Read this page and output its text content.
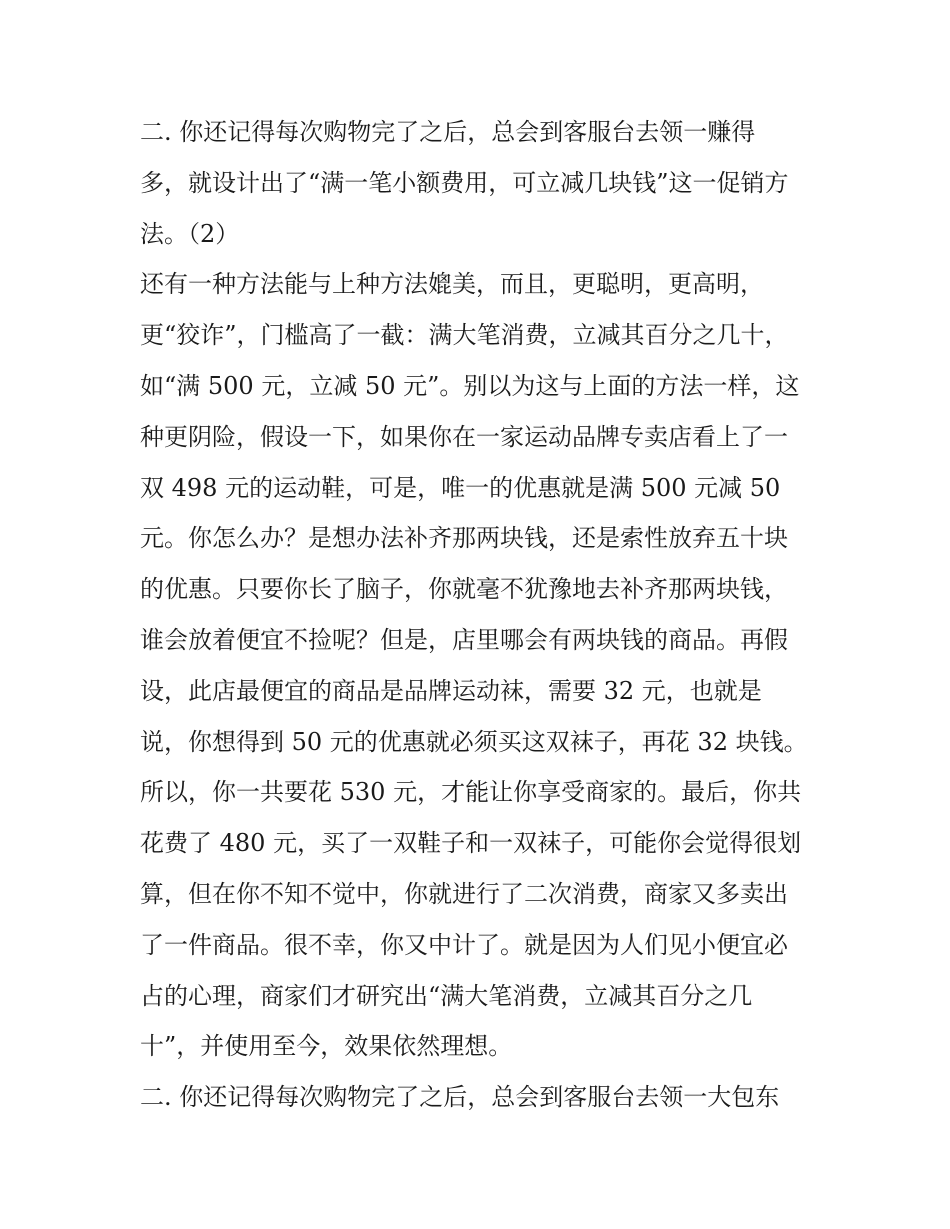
二. 你还记得每次购物完了之后，总会到客服台去领一赚得
多，就设计出了“满一笔小额费用，可立减几块钱”这一促销方
法。（2）
还有一种方法能与上种方法媲美，而且，更聪明，更高明，
更“狡诈”，门槛高了一截：满大笔消费，立减其百分之几十，
如“满 500 元，立减 50 元”。别以为这与上面的方法一样，这
种更阴险，假设一下，如果你在一家运动品牌专卖店看上了一
双 498 元的运动鞋，可是，唯一的优惠就是满 500 元减 50
元。你怎么办？是想办法补齐那两块钱，还是索性放弃五十块
的优惠。只要你长了脑子，你就毫不犹豫地去补齐那两块钱，
谁会放着便宜不捡呢？但是，店里哪会有两块钱的商品。再假
设，此店最便宜的商品是品牌运动袜，需要 32 元，也就是
说，你想得到 50 元的优惠就必须买这双袜子，再花 32 块钱。
所以，你一共要花 530 元，才能让你享受商家的。最后，你共
花费了 480 元，买了一双鞋子和一双袜子，可能你会觉得很划
算，但在你不知不觉中，你就进行了二次消费，商家又多卖出
了一件商品。很不幸，你又中计了。就是因为人们见小便宜必
占的心理，商家们才研究出“满大笔消费，立减其百分之几
十”，并使用至今，效果依然理想。
二. 你还记得每次购物完了之后，总会到客服台去领一大包东
